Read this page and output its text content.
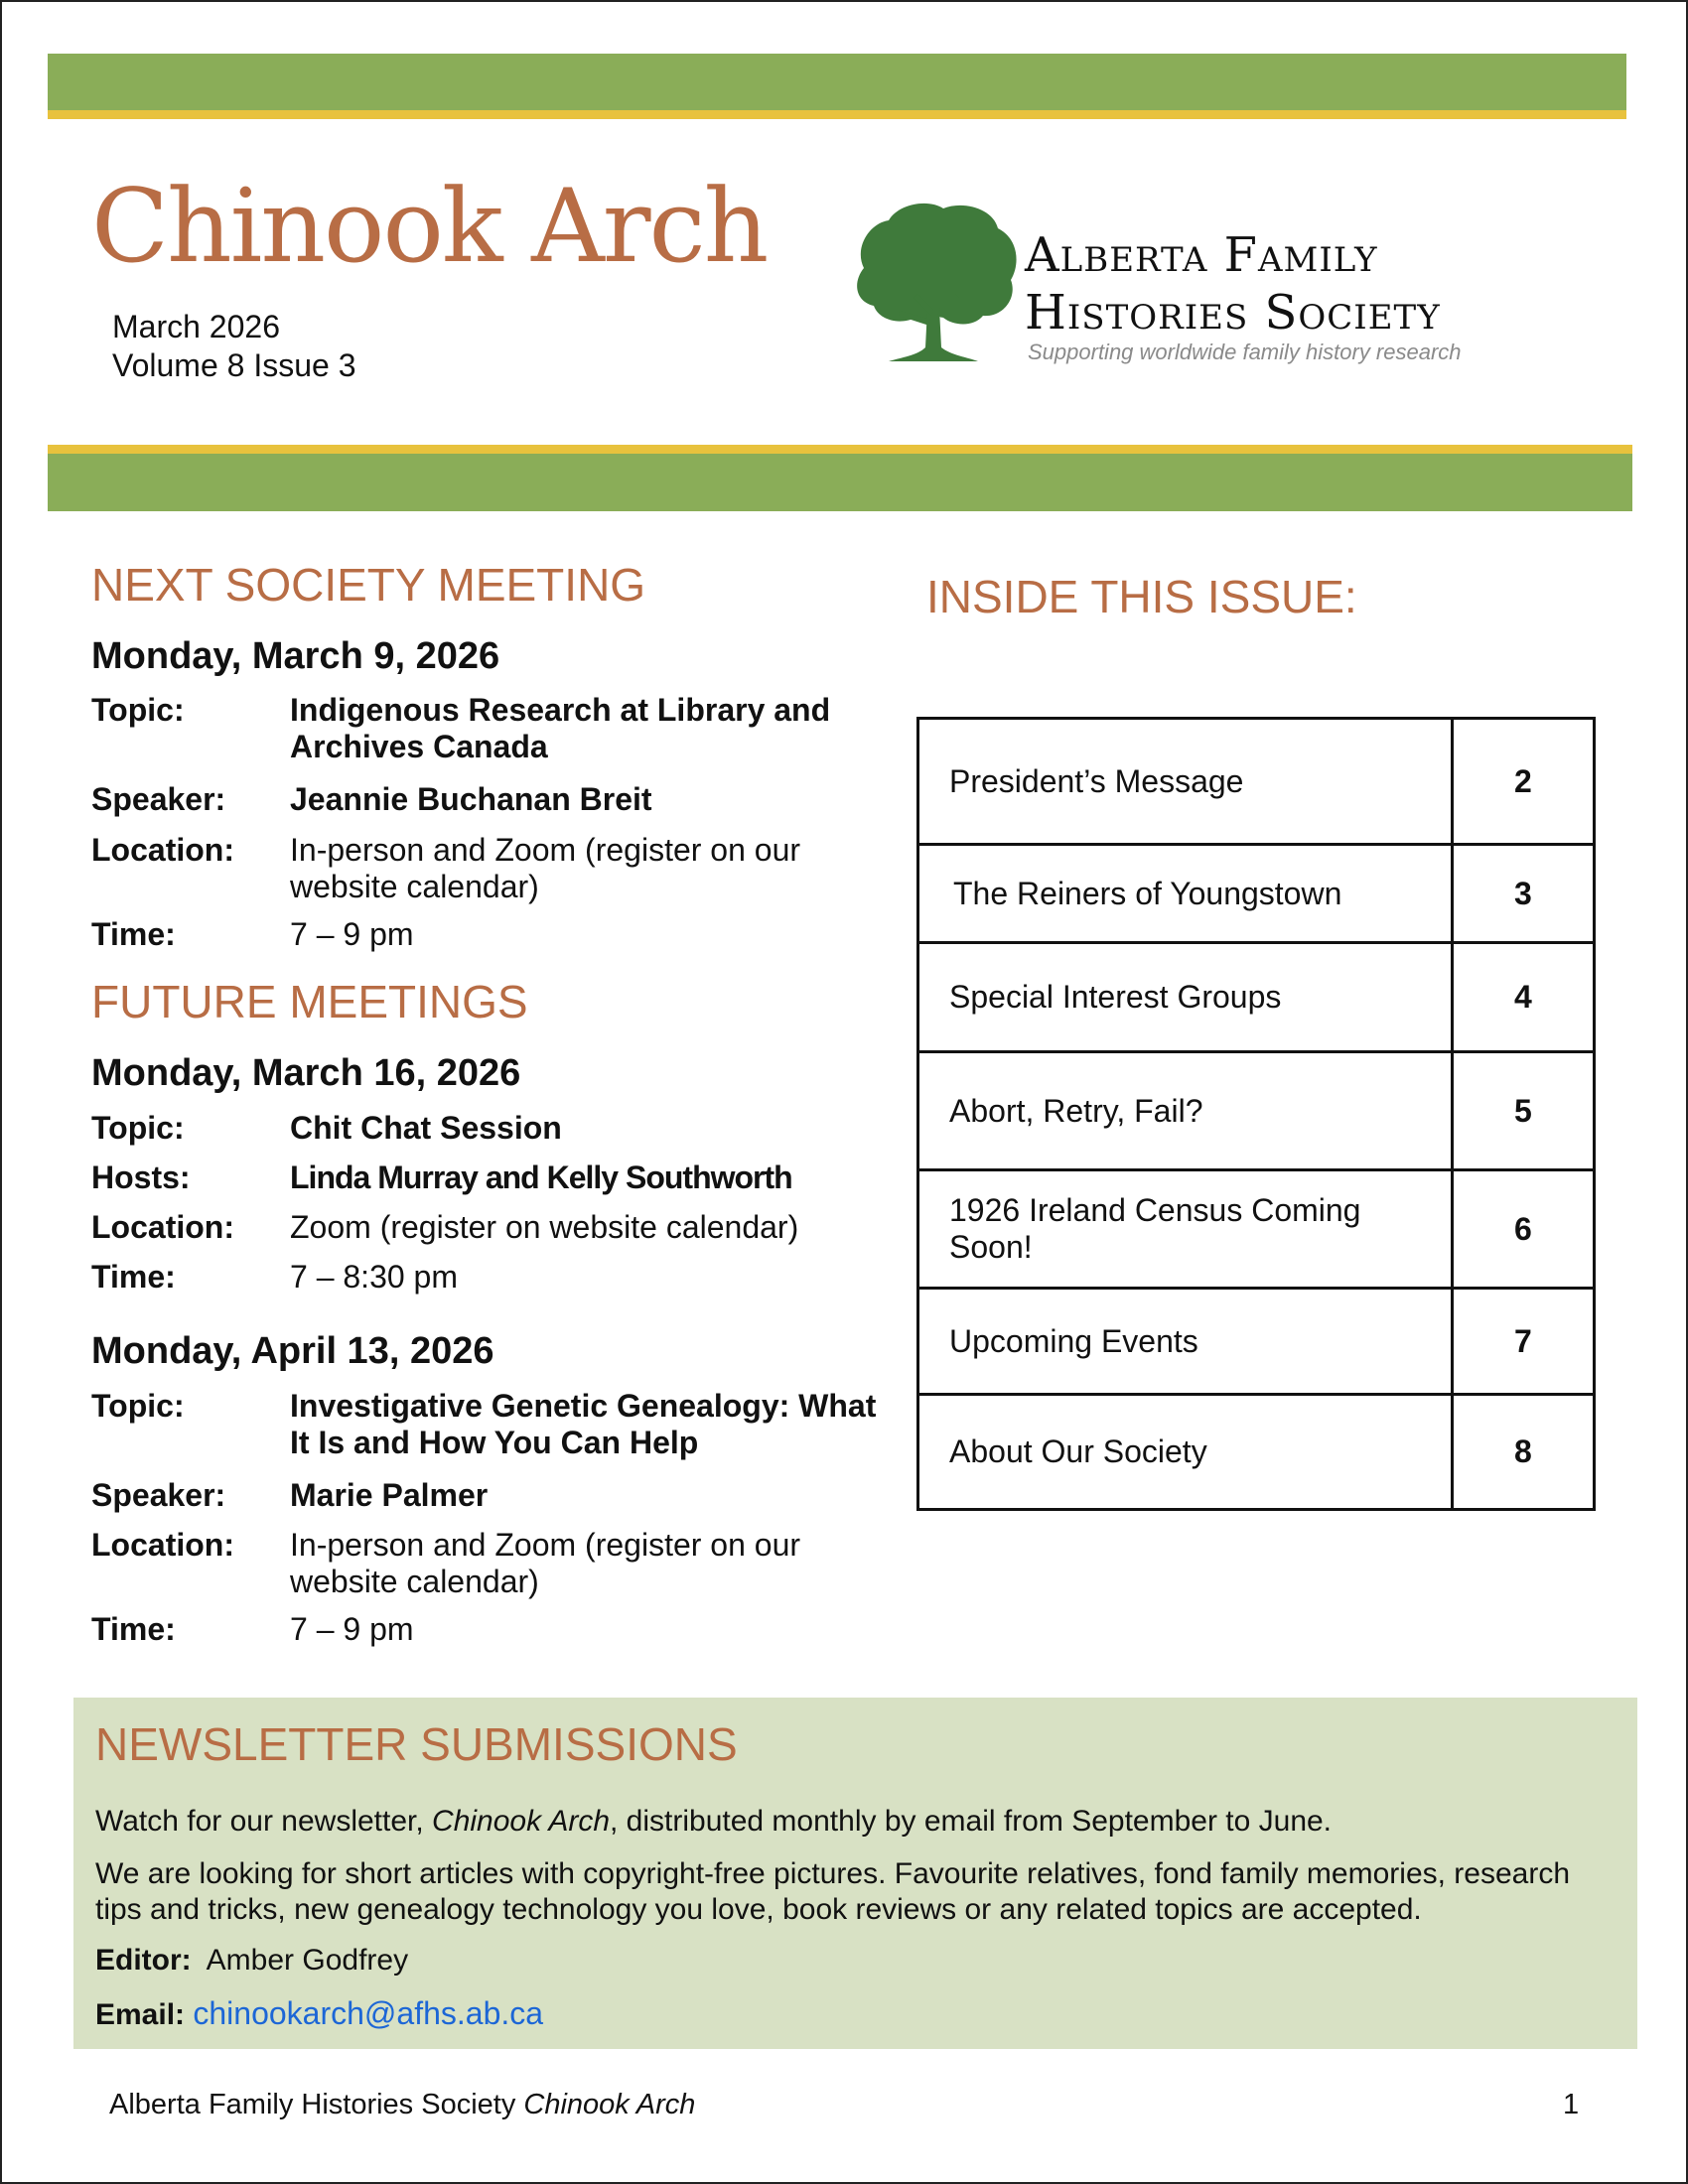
Chinook Arch
March 2026
Volume 8 Issue 3
Alberta Family
Histories Society
Supporting worldwide family history research
NEXT SOCIETY MEETING
Monday, March 9, 2026
Topic:	Indigenous Research at Library and Archives Canada
Speaker: Jeannie Buchanan Breit
Location: In-person and Zoom (register on our website calendar)
Time:	7 – 9 pm
FUTURE MEETINGS
Monday, March 16, 2026
Topic:	Chit Chat Session
Hosts:	Linda Murray and Kelly Southworth
Location: Zoom (register on website calendar)
Time:	7 – 8:30 pm
Monday, April 13, 2026
Topic:	Investigative Genetic Genealogy: What It Is and How You Can Help
Speaker: Marie Palmer
Location: In-person and Zoom (register on our website calendar)
Time:	7 – 9 pm
INSIDE THIS ISSUE:
President’s Message	2
The Reiners of Youngstown	3
Special Interest Groups	4
Abort, Retry, Fail?	5
1926 Ireland Census Coming Soon!	6
Upcoming Events	7
About Our Society	8
NEWSLETTER SUBMISSIONS
Watch for our newsletter, Chinook Arch, distributed monthly by email from September to June.
We are looking for short articles with copyright-free pictures. Favourite relatives, fond family memories, research tips and tricks, new genealogy technology you love, book reviews or any related topics are accepted.
Editor: Amber Godfrey
Email: chinookarch@afhs.ab.ca
Alberta Family Histories Society Chinook Arch	1
